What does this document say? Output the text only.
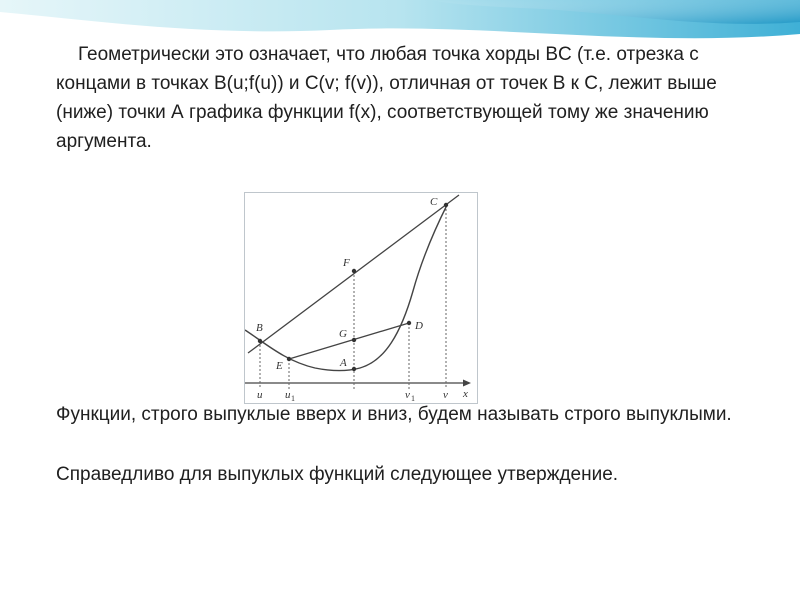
Геометрически это означает, что любая точка хорды BC (т.е. отрезка с концами в точках B(u;f(u)) и C(v; f(v)), отличная от точек B к C, лежит выше (ниже) точки А графика функции f(x), соответствующей тому же значению аргумента.

B
C
F
G
A
D
E
x
u u 1	v 1	v

Функции, строго выпуклые вверх и вниз, будем называть строго выпуклыми.

Справедливо для выпуклых функций следующее утверждение.
